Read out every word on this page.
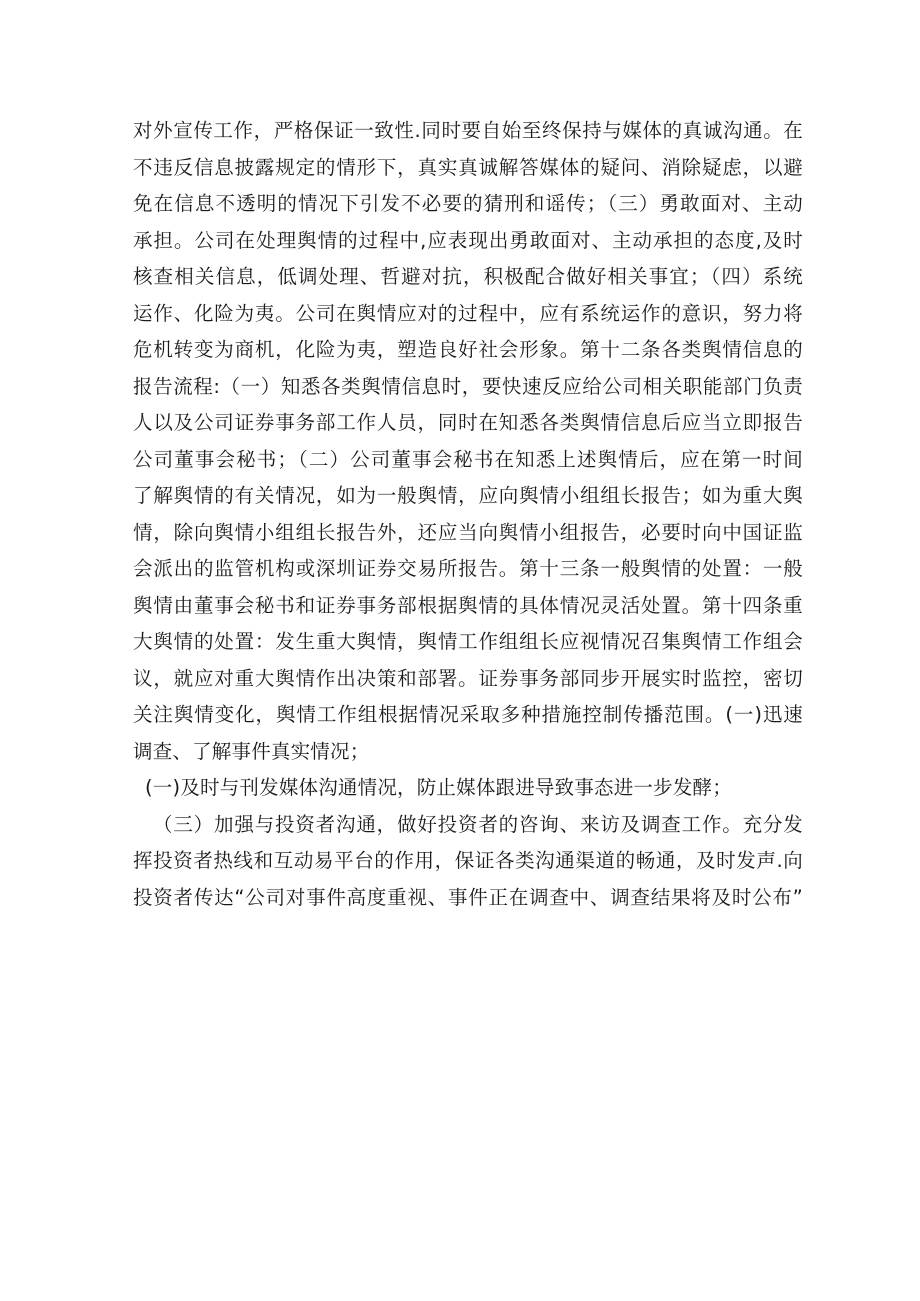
对外宣传工作，严格保证一致性.同时要自始至终保持与媒体的真诚沟通。在
不违反信息披露规定的情形下，真实真诚解答媒体的疑问、消除疑虑，以避
免在信息不透明的情况下引发不必要的猜刑和谣传；（三）勇敢面对、主动
承担。公司在处理舆情的过程中,应表现出勇敢面对、主动承担的态度,及时
核查相关信息，低调处理、哲避对抗，积极配合做好相关事宜；（四）系统
运作、化险为夷。公司在舆情应对的过程中，应有系统运作的意识，努力将
危机转变为商机，化险为夷，塑造良好社会形象。第十二条各类舆情信息的
报告流程:（一）知悉各类舆情信息时，要快速反应给公司相关职能部门负责
人以及公司证券事务部工作人员，同时在知悉各类舆情信息后应当立即报告
公司董事会秘书；（二）公司董事会秘书在知悉上述舆情后，应在第一时间
了解舆情的有关情况，如为一般舆情，应向舆情小组组长报告；如为重大舆
情，除向舆情小组组长报告外，还应当向舆情小组报告，必要时向中国证监
会派出的监管机构或深圳证券交易所报告。第十三条一般舆情的处置：一般
舆情由董事会秘书和证券事务部根据舆情的具体情况灵活处置。第十四条重
大舆情的处置：发生重大舆情，舆情工作组组长应视情况召集舆情工作组会
议，就应对重大舆情作出决策和部署。证券事务部同步开展实时监控，密切
关注舆情变化，舆情工作组根据情况采取多种措施控制传播范围。(一)迅速
调查、了解事件真实情况；
(一)及时与刊发媒体沟通情况，防止媒体跟进导致事态进一步发酵；
（三）加强与投资者沟通，做好投资者的咨询、来访及调查工作。充分发
挥投资者热线和互动易平台的作用，保证各类沟通渠道的畅通，及时发声.向
投资者传达“公司对事件高度重视、事件正在调查中、调查结果将及时公布”
